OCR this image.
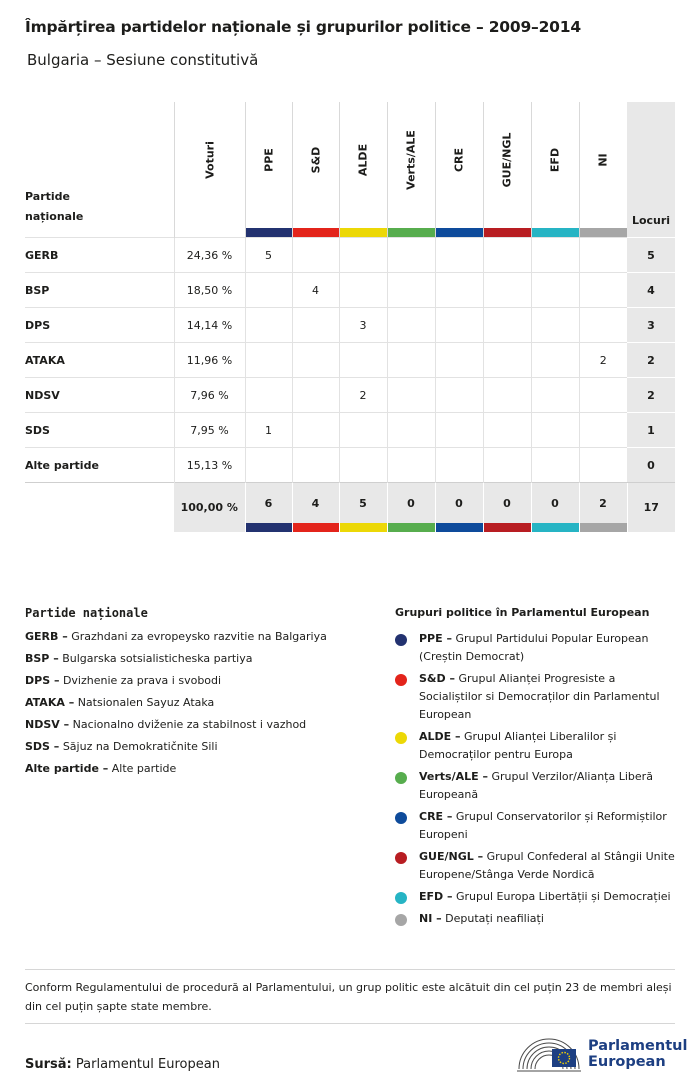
Împărțirea partidelor naționale și grupurilor politice – 2009–2014
Bulgaria – Sesiune constitutivă
Partide
naționale	Voturi	PPE	S&D	ALDE	Verts/ALE	CRE	GUE/NGL	EFD	NI	Locuri
GERB	24,36 %	5								5
BSP	18,50 %		4							4
DPS	14,14 %			3						3
ATAKA	11,96 %								2	2
NDSV	7,96 %			2						2
SDS	7,95 %	1								1
Alte partide	15,13 %									0
	100,00 %	6	4	5	0	0	0	0	2	17
Partide naționale
GERB – Grazhdani za evropeysko razvitie na Balgariya
BSP – Bulgarska sotsialisticheska partiya
DPS – Dvizhenie za prava i svobodi
ATAKA – Natsionalen Sayuz Ataka
NDSV – Nacionalno dviženie za stabilnost i vazhod
SDS – Săjuz na Demokratičnite Sili
Alte partide – Alte partide
Grupuri politice în Parlamentul European
PPE – Grupul Partidului Popular European (Creștin Democrat)
S&D – Grupul Alianței Progresiste a Socialiștilor si Democraților din Parlamentul European
ALDE – Grupul Alianței Liberalilor și Democraților pentru Europa
Verts/ALE – Grupul Verzilor/Alianța Liberă Europeană
CRE – Grupul Conservatorilor și Reformiștilor Europeni
GUE/NGL – Grupul Confederal al Stângii Unite Europene/Stânga Verde Nordică
EFD – Grupul Europa Libertății și Democrației
NI – Deputați neafiliați
Conform Regulamentului de procedură al Parlamentului, un grup politic este alcătuit din cel puțin 23 de membri aleși din cel puțin șapte state membre.
Sursă: Parlamentul European
Parlamentul
European
